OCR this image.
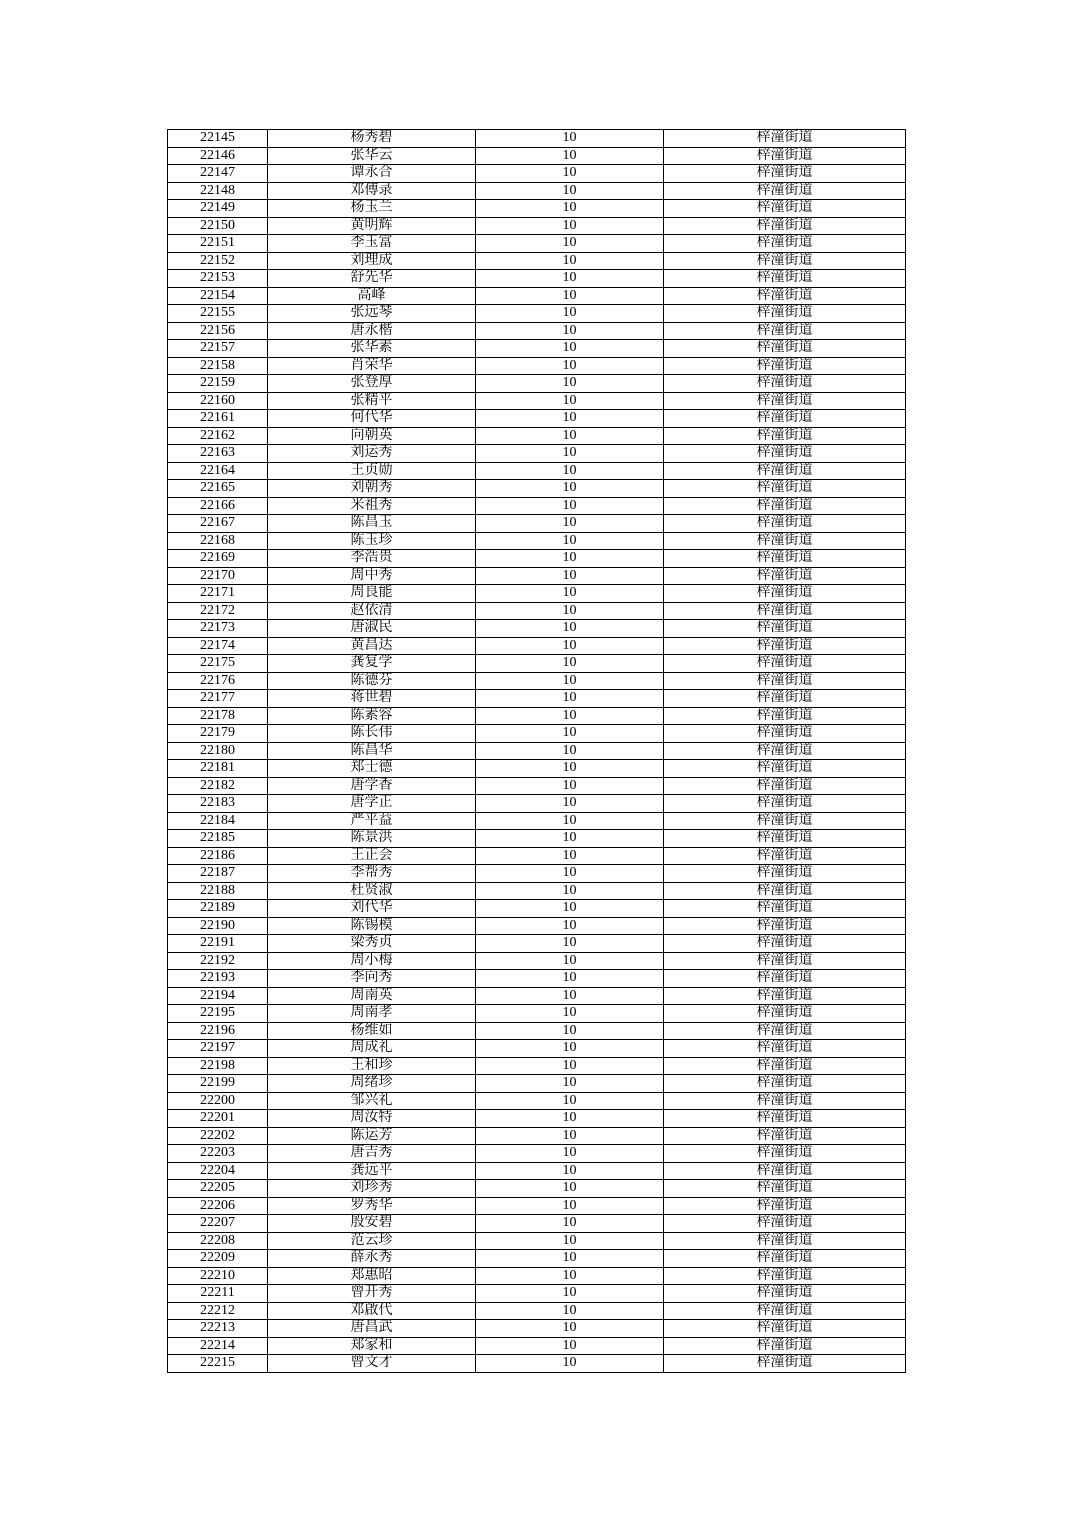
22145	杨秀碧	10	梓潼街道
22146	张华云	10	梓潼街道
22147	谭永合	10	梓潼街道
22148	邓傅录	10	梓潼街道
22149	杨玉兰	10	梓潼街道
22150	黄明辉	10	梓潼街道
22151	李玉富	10	梓潼街道
22152	刘理成	10	梓潼街道
22153	舒先华	10	梓潼街道
22154	高峰	10	梓潼街道
22155	张远琴	10	梓潼街道
22156	唐永楷	10	梓潼街道
22157	张华素	10	梓潼街道
22158	肖荣华	10	梓潼街道
22159	张登厚	10	梓潼街道
22160	张精平	10	梓潼街道
22161	何代华	10	梓潼街道
22162	向朝英	10	梓潼街道
22163	刘运秀	10	梓潼街道
22164	王贞勋	10	梓潼街道
22165	刘朝秀	10	梓潼街道
22166	米祖秀	10	梓潼街道
22167	陈昌玉	10	梓潼街道
22168	陈玉珍	10	梓潼街道
22169	李浩贵	10	梓潼街道
22170	周中秀	10	梓潼街道
22171	周良能	10	梓潼街道
22172	赵依清	10	梓潼街道
22173	唐淑民	10	梓潼街道
22174	黄昌达	10	梓潼街道
22175	龚复学	10	梓潼街道
22176	陈德芬	10	梓潼街道
22177	蒋世碧	10	梓潼街道
22178	陈素容	10	梓潼街道
22179	陈长伟	10	梓潼街道
22180	陈昌华	10	梓潼街道
22181	郑士德	10	梓潼街道
22182	唐学香	10	梓潼街道
22183	唐学正	10	梓潼街道
22184	严平益	10	梓潼街道
22185	陈景洪	10	梓潼街道
22186	王正会	10	梓潼街道
22187	李帮秀	10	梓潼街道
22188	杜贤淑	10	梓潼街道
22189	刘代华	10	梓潼街道
22190	陈锡模	10	梓潼街道
22191	梁秀贞	10	梓潼街道
22192	周小梅	10	梓潼街道
22193	李向秀	10	梓潼街道
22194	周南英	10	梓潼街道
22195	周南孝	10	梓潼街道
22196	杨维如	10	梓潼街道
22197	周成礼	10	梓潼街道
22198	王和珍	10	梓潼街道
22199	周绪珍	10	梓潼街道
22200	邹兴礼	10	梓潼街道
22201	周汝特	10	梓潼街道
22202	陈运芳	10	梓潼街道
22203	唐吉秀	10	梓潼街道
22204	龚远平	10	梓潼街道
22205	刘珍秀	10	梓潼街道
22206	罗秀华	10	梓潼街道
22207	殷安碧	10	梓潼街道
22208	范云珍	10	梓潼街道
22209	薛永秀	10	梓潼街道
22210	郑惠昭	10	梓潼街道
22211	曾开秀	10	梓潼街道
22212	邓啟代	10	梓潼街道
22213	唐昌武	10	梓潼街道
22214	郑家和	10	梓潼街道
22215	曾文才	10	梓潼街道
